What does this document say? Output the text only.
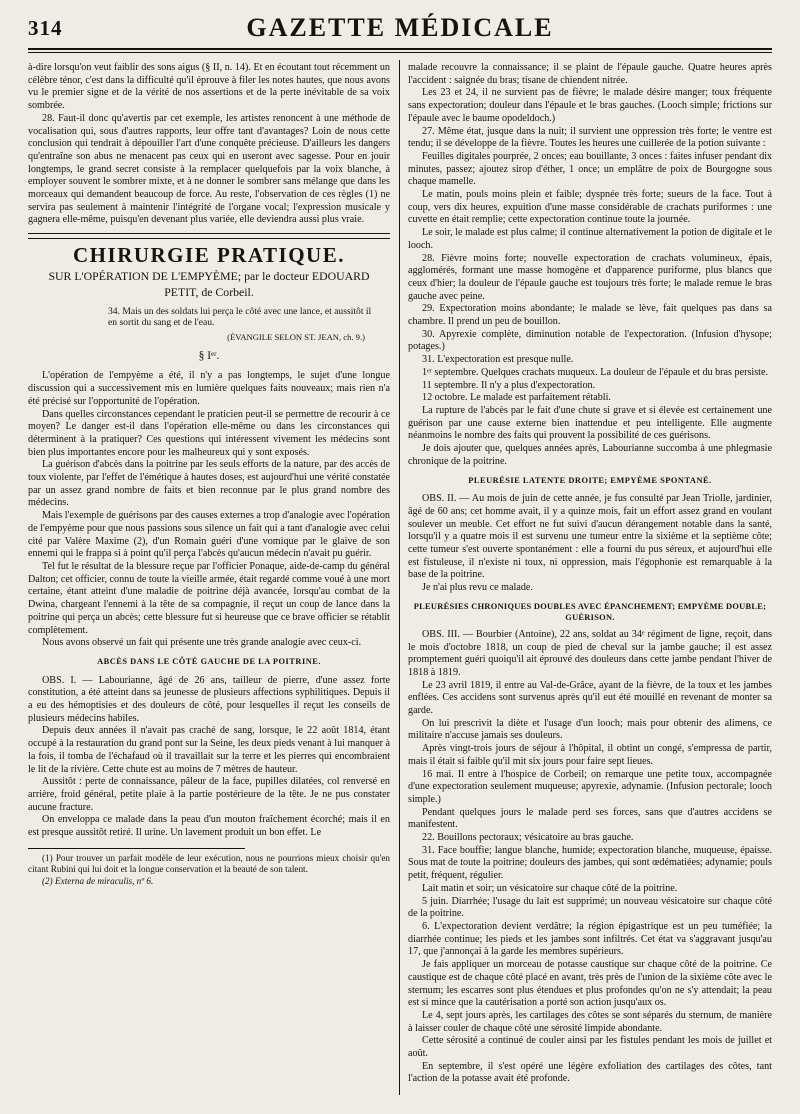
314	GAZETTE MÉDICALE

à-dire lorsqu'on veut faiblir des sons aigus (§ II, n. 14). Et en écoutant tout récemment un célèbre ténor, c'est dans la difficulté qu'il éprouve à filer les notes hautes, que nous avons vu le premier signe et de la vérité de nos assertions et de la perte inévitable de sa voix sombrée.

28. Faut-il donc qu'avertis par cet exemple, les artistes renoncent à une méthode de vocalisation qui, sous d'autres rapports, leur offre tant d'avantages? Loin de nous cette conclusion qui tendrait à dépouiller l'art d'une conquête précieuse. D'ailleurs les dangers qu'entraîne son abus ne menacent pas ceux qui en useront avec sagesse. Pour en jouir longtemps, le grand secret consiste à la remplacer quelquefois par la voix blanche, à employer souvent le sombrer mixte, et à ne donner le sombrer sans mélange que dans les morceaux qui demandent beaucoup de force. Au reste, l'observation de ces règles (1) ne servira pas seulement à maintenir l'intégrité de l'organe vocal; l'expression musicale y gagnera elle-même, puisqu'en devenant plus variée, elle deviendra aussi plus vraie.

CHIRURGIE PRATIQUE.
SUR L'OPÉRATION DE L'EMPYÈME; par le docteur EDOUARD PETIT, de Corbeil.
34. Mais un des soldats lui perça le côté avec une lance, et aussitôt il en sortit du sang et de l'eau.
(ÉVANGILE SELON ST. JEAN, ch. 9.)
§ Iᵉʳ.

L'opération de l'empyème a été, il n'y a pas longtemps, le sujet d'une longue discussion qui a successivement mis en lumière quelques faits nouveaux; mais rien n'a été précisé sur l'opportunité de l'opération.

Dans quelles circonstances cependant le praticien peut-il se permettre de recourir à ce moyen? Le danger est-il dans l'opération elle-même ou dans les circonstances qui déterminent à la pratiquer? Ces questions qui intéressent vivement les médecins sont bien plus importantes encore pour les malheureux qui y sont exposés.

La guérison d'abcès dans la poitrine par les seuls efforts de la nature, par des accès de toux violente, par l'effet de l'émétique à hautes doses, est aujourd'hui une vérité constatée par un assez grand nombre de faits et bien reconnue par le plus grand nombre des médecins.

Mais l'exemple de guérisons par des causes externes a trop d'analogie avec l'opération de l'empyème pour que nous passions sous silence un fait qui a tant d'analogie avec celui cité par Valère Maxime (2), d'un Romain guéri d'une vomique par le glaive de son ennemi qui le frappa si à point qu'il perça l'abcès qu'aucun médecin n'avait pu guérir.

Tel fut le résultat de la blessure reçue par l'officier Ponaque, aide-de-camp du général Dalton; cet officier, connu de toute la vieille armée, était regardé comme voué à une mort certaine, étant atteint d'une maladie de poitrine déjà avancée, lorsqu'au combat de la Dwina, chargeant l'ennemi à la tête de sa compagnie, il reçut un coup de lance dans la poitrine qui perça un abcès; cette blessure fut si heureuse que ce brave officier se rétablit complètement.

Nous avons observé un fait qui présente une très grande analogie avec ceux-ci.

ABCÈS DANS LE CÔTÉ GAUCHE DE LA POITRINE.

OBS. I. — Labourianne, âgé de 26 ans, tailleur de pierre, d'une assez forte constitution, a été atteint dans sa jeunesse de plusieurs affections syphilitiques. Depuis il a eu des hémoptisies et des douleurs de côté, pour lesquelles il reçut les conseils de plusieurs médecins habiles.

Depuis deux années il n'avait pas craché de sang, lorsque, le 22 août 1814, étant occupé à la restauration du grand pont sur la Seine, les deux pieds venant à lui manquer à la fois, il tomba de l'échafaud où il travaillait sur la terre et les pierres qui encombraient le lit de la rivière. Cette chute est au moins de 7 mètres de hauteur.

Aussitôt : perte de connaissance, pâleur de la face, pupilles dilatées, col renversé en arrière, froid général, petite plaie à la partie postérieure de la tête. Je ne pus constater aucune fracture.

On enveloppa ce malade dans la peau d'un mouton fraîchement écorché; mais il en est presque aussitôt retiré. Il urine. Un lavement produit un bon effet. Le

(1) Pour trouver un parfait modèle de leur exécution, nous ne pourrions mieux choisir qu'en citant Rubini qui lui doit et la longue conservation et la beauté de son talent.

(2) Externa de miraculis, nº 6.

malade recouvre la connaissance; il se plaint de l'épaule gauche. Quatre heures après l'accident : saignée du bras; tisane de chiendent nitrée.

Les 23 et 24, il ne survient pas de fièvre; le malade désire manger; toux fréquente sans expectoration; douleur dans l'épaule et le bras gauches. (Looch simple; frictions sur l'épaule avec le baume opodeldoch.)

27. Même état, jusque dans la nuit; il survient une oppression très forte; le ventre est tendu; il se développe de la fièvre. Toutes les heures une cuillerée de la potion suivante :

Feuilles digitales pourprée, 2 onces; eau bouillante, 3 onces : faites infuser pendant dix minutes, passez; ajoutez sirop d'éther, 1 once; un emplâtre de poix de Bourgogne sous chaque mamelle.

Le matin, pouls moins plein et faible; dyspnée très forte; sueurs de la face. Tout à coup, vers dix heures, expuition d'une masse considérable de crachats puriformes : une cuvette en était remplie; cette expectoration continue toute la journée.

Le soir, le malade est plus calme; il continue alternativement la potion de digitale et le looch.

28. Fièvre moins forte; nouvelle expectoration de crachats volumineux, épais, agglomérés, formant une masse homogène et d'apparence puriforme, plus blancs que ceux d'hier; la douleur de l'épaule gauche est toujours très forte; le malade remue le bras gauche avec peine.

29. Expectoration moins abondante; le malade se lève, fait quelques pas dans sa chambre. Il prend un peu de bouillon.

30. Apyrexie complète, diminution notable de l'expectoration. (Infusion d'hysope; potages.)

31. L'expectoration est presque nulle.

1ᵉʳ septembre. Quelques crachats muqueux. La douleur de l'épaule et du bras persiste.

11 septembre. Il n'y a plus d'expectoration.

12 octobre. Le malade est parfaitement rétabli.

La rupture de l'abcès par le fait d'une chute si grave et si élevée est certainement une guérison par une cause externe bien inattendue et peu intelligente. Elle augmente néanmoins le nombre des faits qui prouvent la possibilité de ces guérisons.

Je dois ajouter que, quelques années après, Labourianne succomba à une phlegmasie chronique de la poitrine.

PLEURÉSIE LATENTE DROITE; EMPYÈME SPONTANÉ.

OBS. II. — Au mois de juin de cette année, je fus consulté par Jean Triolle, jardinier, âgé de 60 ans; cet homme avait, il y a quinze mois, fait un effort assez grand en voulant soulever un meuble. Cet effort ne fut suivi d'aucun dérangement notable dans la santé, lorsqu'il y a quatre mois il est survenu une tumeur entre la sixième et la septième côte; cette tumeur s'est ouverte spontanément : elle a fourni du pus séreux, et aujourd'hui elle est fistuleuse, il n'existe ni toux, ni oppression, mais l'égophonie est remarquable à la base de la poitrine.

Je n'ai plus revu ce malade.

PLEURÉSIES CHRONIQUES DOUBLES AVEC ÉPANCHEMENT; EMPYÈME DOUBLE; GUÉRISON.

OBS. III. — Bourbier (Antoine), 22 ans, soldat au 34ᵉ régiment de ligne, reçoit, dans le mois d'octobre 1818, un coup de pied de cheval sur la jambe gauche; il est assez promptement guéri quoiqu'il ait éprouvé des douleurs dans cette jambe pendant l'hiver de 1818 à 1819.

Le 23 avril 1819, il entre au Val-de-Grâce, ayant de la fièvre, de la toux et les jambes enflées. Ces accidens sont survenus après qu'il eut été mouillé en revenant de monter sa garde.

On lui prescrivit la diète et l'usage d'un looch; mais pour obtenir des alimens, ce militaire n'accuse jamais ses douleurs.

Après vingt-trois jours de séjour à l'hôpital, il obtint un congé, s'empressa de partir, mais il était si faible qu'il mit six jours pour faire sept lieues.

16 mai. Il entre à l'hospice de Corbeil; on remarque une petite toux, accompagnée d'une expectoration seulement muqueuse; apyrexie, adynamie. (Infusion pectorale; looch simple.)

Pendant quelques jours le malade perd ses forces, sans que d'autres accidens se manifestent.

22. Bouillons pectoraux; vésicatoire au bras gauche.

31. Face bouffie; langue blanche, humide; expectoration blanche, muqueuse, épaisse. Sous mat de toute la poitrine; douleurs des jambes, qui sont œdématiées; adynamie; pouls petit, fréquent, régulier.

Lait matin et soir; un vésicatoire sur chaque côté de la poitrine.

5 juin. Diarrhée; l'usage du lait est supprimé; un nouveau vésicatoire sur chaque côté de la poitrine.

6. L'expectoration devient verdâtre; la région épigastrique est un peu tuméfiée; la diarrhée continue; les pieds et les jambes sont infiltrés. Cet état va s'aggravant jusqu'au 17, que j'annonçai à la garde les membres supérieurs.

Je fais appliquer un morceau de potasse caustique sur chaque côté de la poitrine. Ce caustique est de chaque côté placé en avant, très près de l'union de la sixième côte avec le sternum; les escarres sont plus étendues et plus profondes qu'on ne s'y attendait; la peau est si mince que la cautérisation a porté son action jusqu'aux os.

Le 4, sept jours après, les cartilages des côtes se sont séparés du sternum, de manière à laisser couler de chaque côté une sérosité limpide abondante.

Cette sérosité a continué de couler ainsi par les fistules pendant les mois de juillet et août.

En septembre, il s'est opéré une légère exfoliation des cartilages des côtes, tant l'action de la potasse avait été profonde.
